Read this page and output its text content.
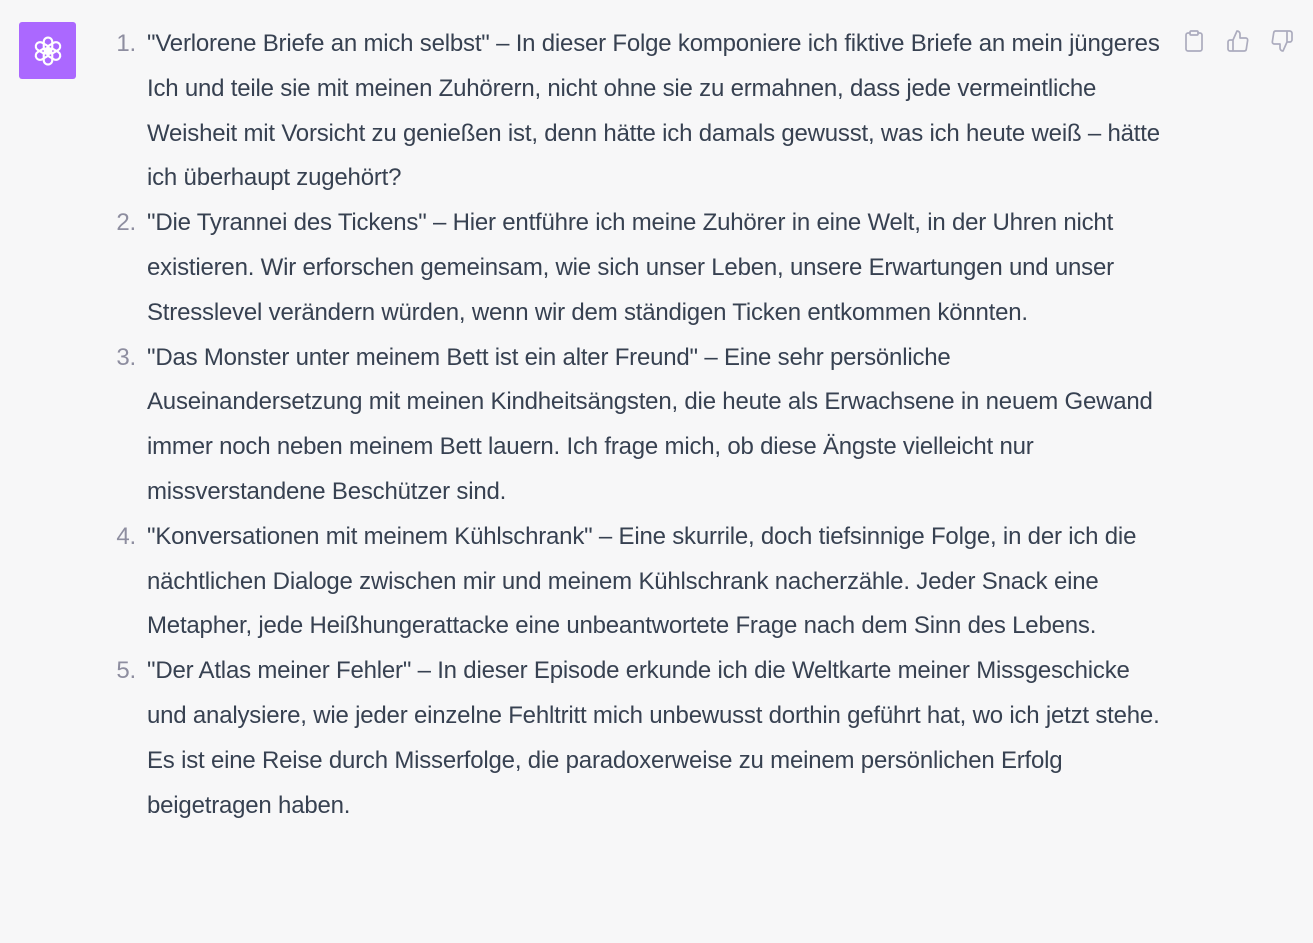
1. "Verlorene Briefe an mich selbst" – In dieser Folge komponiere ich fiktive Briefe an mein jüngeres Ich und teile sie mit meinen Zuhörern, nicht ohne sie zu ermahnen, dass jede vermeintliche Weisheit mit Vorsicht zu genießen ist, denn hätte ich damals gewusst, was ich heute weiß – hätte ich überhaupt zugehört?
2. "Die Tyrannei des Tickens" – Hier entführe ich meine Zuhörer in eine Welt, in der Uhren nicht existieren. Wir erforschen gemeinsam, wie sich unser Leben, unsere Erwartungen und unser Stresslevel verändern würden, wenn wir dem ständigen Ticken entkommen könnten.
3. "Das Monster unter meinem Bett ist ein alter Freund" – Eine sehr persönliche Auseinandersetzung mit meinen Kindheitsängsten, die heute als Erwachsene in neuem Gewand immer noch neben meinem Bett lauern. Ich frage mich, ob diese Ängste vielleicht nur missverstandene Beschützer sind.
4. "Konversationen mit meinem Kühlschrank" – Eine skurrile, doch tiefsinnige Folge, in der ich die nächtlichen Dialoge zwischen mir und meinem Kühlschrank nacherzähle. Jeder Snack eine Metapher, jede Heißhungerattacke eine unbeantwortete Frage nach dem Sinn des Lebens.
5. "Der Atlas meiner Fehler" – In dieser Episode erkunde ich die Weltkarte meiner Missgeschicke und analysiere, wie jeder einzelne Fehltritt mich unbewusst dorthin geführt hat, wo ich jetzt stehe. Es ist eine Reise durch Misserfolge, die paradoxerweise zu meinem persönlichen Erfolg beigetragen haben.
